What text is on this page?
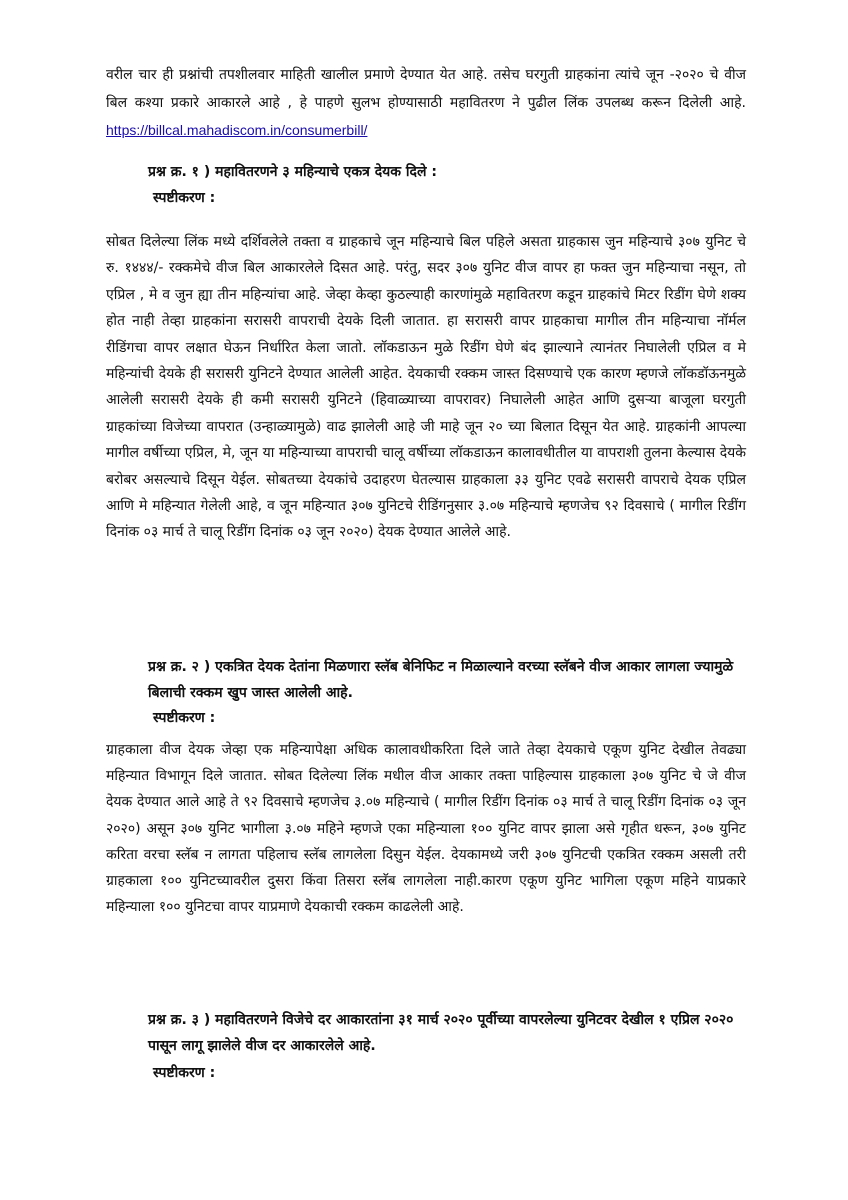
वरील चार ही प्रश्नांची तपशीलवार माहिती खालील प्रमाणे देण्यात येत आहे. तसेच घरगुती ग्राहकांना त्यांचे जून -२०२० चे वीज बिल कश्या प्रकारे आकारले आहे , हे पाहणे सुलभ होण्यासाठी महावितरण ने पुढील लिंक उपलब्ध करून दिलेली आहे. https://billcal.mahadiscom.in/consumerbill/

प्रश्न क्र. १ ) महावितरणने ३ महिन्याचे एकत्र देयक दिले :

स्पष्टीकरण :

सोबत दिलेल्या लिंक मध्ये दर्शिवलेले तक्ता व ग्राहकाचे जून महिन्याचे बिल पहिले असता ग्राहकास जुन महिन्याचे ३०७ युनिट चे रु. १४४४/- रक्कमेचे वीज बिल आकारलेले दिसत आहे. परंतु, सदर ३०७ युनिट वीज वापर हा फक्त जुन महिन्याचा नसून, तो एप्रिल , मे व जुन ह्या तीन महिन्यांचा आहे. जेव्हा केव्हा कुठल्याही कारणांमुळे महावितरण कडून ग्राहकांचे मिटर रिडींग घेणे शक्य होत नाही तेव्हा ग्राहकांना सरासरी वापराची देयके दिली जातात. हा सरासरी वापर ग्राहकाचा मागील तीन महिन्याचा नॉर्मल रीडिंगचा वापर लक्षात घेऊन निर्धारित केला जातो. लॉकडाऊन मुळे रिडींग घेणे बंद झाल्याने त्यानंतर निघालेली एप्रिल व मे महिन्यांची देयके ही सरासरी युनिटने देण्यात आलेली आहेत. देयकाची रक्कम जास्त दिसण्याचे एक कारण म्हणजे लॉकडॉऊनमुळे आलेली सरासरी देयके ही कमी सरासरी युनिटने (हिवाळ्याच्या वापरावर) निघालेली आहेत आणि दुसऱ्या बाजूला घरगुती ग्राहकांच्या विजेच्या वापरात (उन्हाळ्यामुळे) वाढ झालेली आहे जी माहे जून २० च्या बिलात दिसून येत आहे. ग्राहकांनी आपल्या मागील वर्षीच्या एप्रिल, मे, जून या महिन्याच्या वापराची चालू वर्षीच्या लॉकडाऊन कालावधीतील या वापराशी तुलना केल्यास देयके बरोबर असल्याचे दिसून येईल. सोबतच्या देयकांचे उदाहरण घेतल्यास ग्राहकाला ३३ युनिट एवढे सरासरी वापराचे देयक एप्रिल आणि मे महिन्यात गेलेली आहे, व जून महिन्यात ३०७ युनिटचे रीडिंगनुसार ३.०७ महिन्याचे म्हणजेच ९२ दिवसाचे ( मागील रिडींग दिनांक ०३ मार्च ते चालू रिडींग दिनांक ०३ जून २०२०) देयक देण्यात आलेले आहे.

प्रश्न क्र. २ ) एकत्रित देयक देतांना मिळणारा स्लॅब बेनिफिट न मिळाल्याने वरच्या स्लॅबने वीज आकार लागला ज्यामुळे बिलाची रक्कम खुप जास्त आलेली आहे.

स्पष्टीकरण :

ग्राहकाला वीज देयक जेव्हा एक महिन्यापेक्षा अधिक कालावधीकरिता दिले जाते तेव्हा देयकाचे एकूण युनिट देखील तेवढ्या महिन्यात विभागून दिले जातात. सोबत दिलेल्या लिंक मधील वीज आकार तक्ता पाहिल्यास ग्राहकाला ३०७ युनिट चे जे वीज देयक देण्यात आले आहे ते ९२ दिवसाचे म्हणजेच ३.०७ महिन्याचे ( मागील रिडींग दिनांक ०३ मार्च ते चालू रिडींग दिनांक ०३ जून २०२०) असून ३०७ युनिट भागीला ३.०७ महिने म्हणजे एका महिन्याला १०० युनिट वापर झाला असे गृहीत धरून, ३०७ युनिट करिता वरचा स्लॅब न लागता पहिलाच स्लॅब लागलेला दिसुन येईल. देयकामध्ये जरी ३०७ युनिटची एकत्रित रक्कम असली तरी ग्राहकाला १०० युनिटच्यावरील दुसरा किंवा तिसरा स्लॅब लागलेला नाही.कारण एकूण युनिट भागिला एकूण महिने याप्रकारे महिन्याला १०० युनिटचा वापर याप्रमाणे देयकाची रक्कम काढलेली आहे.

प्रश्न क्र. ३ ) महावितरणने विजेचे दर आकारतांना ३१ मार्च २०२० पूर्वीच्या वापरलेल्या युनिटवर देखील १ एप्रिल २०२० पासून लागू झालेले वीज दर आकारलेले आहे.

स्पष्टीकरण :
